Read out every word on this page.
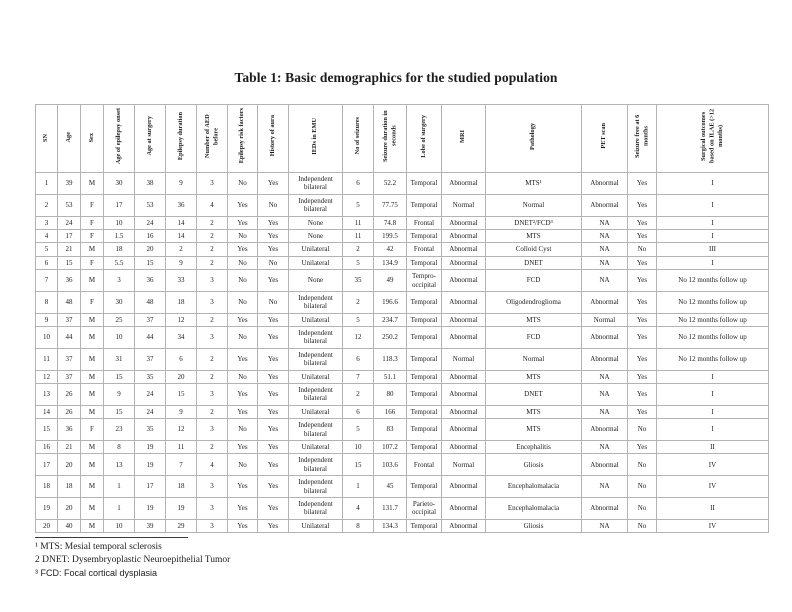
Table 1: Basic demographics for the studied population
SN	Age	Sex	Age of epilepsy onset	Age at surgery	Epilepsy duration	Number of AED before	Epilepsy risk factors	History of aura	IEDs in EMU	No of seizures	Seizure duration in seconds	Lobe of surgery	MRI	Pathology	PET scan	Seizure free at 6 months	Surgical outcomes based on ILAE (>12 months)
1	39	M	30	38	9	3	No	Yes	Independent bilateral	6	52.2	Temporal	Abnormal	MTS¹	Abnormal	Yes	I
2	53	F	17	53	36	4	Yes	No	Independent bilateral	5	77.75	Temporal	Normal	Normal	Abnormal	Yes	I
3	24	F	10	24	14	2	Yes	Yes	None	11	74.8	Frontal	Abnormal	DNET²/FCD³	NA	Yes	I
4	17	F	1.5	16	14	2	No	Yes	None	11	199.5	Temporal	Abnormal	MTS	NA	Yes	I
5	21	M	18	20	2	2	Yes	Yes	Unilateral	2	42	Frontal	Abnormal	Colloid Cyst	NA	No	III
6	15	F	5.5	15	9	2	No	No	Unilateral	5	134.9	Temporal	Abnormal	DNET	NA	Yes	I
7	36	M	3	36	33	3	No	Yes	None	35	49	Tempro-occipital	Abnormal	FCD	NA	Yes	No 12 months follow up
8	48	F	30	48	18	3	No	No	Independent bilateral	2	196.6	Temporal	Abnormal	Oligodendroglioma	Abnormal	Yes	No 12 months follow up
9	37	M	25	37	12	2	Yes	Yes	Unilateral	5	234.7	Temporal	Abnormal	MTS	Normal	Yes	No 12 months follow up
10	44	M	10	44	34	3	No	Yes	Independent bilateral	12	250.2	Temporal	Abnormal	FCD	Abnormal	Yes	No 12 months follow up
11	37	M	31	37	6	2	Yes	Yes	Independent bilateral	6	118.3	Temporal	Normal	Normal	Abnormal	Yes	No 12 months follow up
12	37	M	15	35	20	2	No	Yes	Unilateral	7	51.1	Temporal	Abnormal	MTS	NA	Yes	I
13	26	M	9	24	15	3	Yes	Yes	Independent bilateral	2	80	Temporal	Abnormal	DNET	NA	Yes	I
14	26	M	15	24	9	2	Yes	Yes	Unilateral	6	166	Temporal	Abnormal	MTS	NA	Yes	I
15	36	F	23	35	12	3	No	Yes	Independent bilateral	5	83	Temporal	Abnormal	MTS	Abnormal	No	I
16	21	M	8	19	11	2	Yes	Yes	Unilateral	10	107.2	Temporal	Abnormal	Encephalitis	NA	Yes	II
17	20	M	13	19	7	4	No	Yes	Independent bilateral	15	103.6	Frontal	Normal	Gliosis	Abnormal	No	IV
18	18	M	1	17	18	3	Yes	Yes	Independent bilateral	1	45	Temporal	Abnormal	Encephalomalacia	NA	No	IV
19	20	M	1	19	19	3	Yes	Yes	Independent bilateral	4	131.7	Parieto-occipital	Abnormal	Encephalomalacia	Abnormal	No	II
20	40	M	10	39	29	3	Yes	Yes	Unilateral	8	134.3	Temporal	Abnormal	Gliosis	NA	No	IV
¹ MTS: Mesial temporal sclerosis
2 DNET: Dysembryoplastic Neuroepithelial Tumor
³ FCD: Focal cortical dysplasia
